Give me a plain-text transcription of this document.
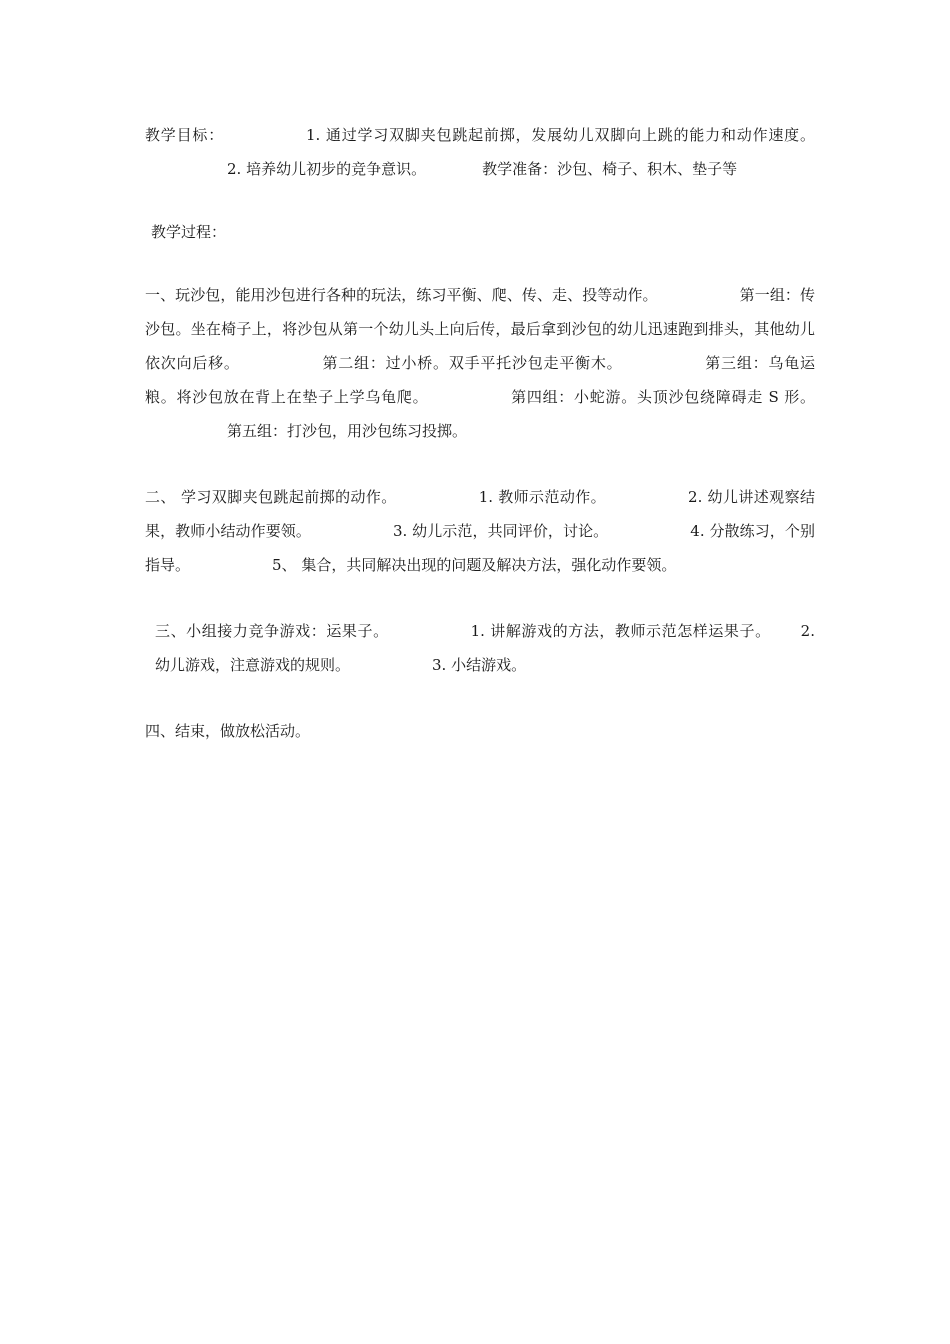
教学目标：	1. 通过学习双脚夹包跳起前掷，发展幼儿双脚向上跳的能力和动作速度。2. 培养幼儿初步的竞争意识。	教学准备：沙包、椅子、积木、垫子等

教学过程：

一、玩沙包，能用沙包进行各种的玩法，练习平衡、爬、传、走、投等动作。	第一组：传沙包。坐在椅子上，将沙包从第一个幼儿头上向后传，最后拿到沙包的幼儿迅速跑到排头，其他幼儿依次向后移。	第二组：过小桥。双手平托沙包走平衡木。	第三组：乌龟运粮。将沙包放在背上在垫子上学乌龟爬。	第四组：小蛇游。头顶沙包绕障碍走 S 形。第五组：打沙包，用沙包练习投掷。

二、 学习双脚夹包跳起前掷的动作。	1. 教师示范动作。	2. 幼儿讲述观察结果，教师小结动作要领。	3. 幼儿示范，共同评价，讨论。	4. 分散练习，个别指导。	5、 集合，共同解决出现的问题及解决方法，强化动作要领。

三、小组接力竞争游戏：运果子。	1. 讲解游戏的方法，教师示范怎样运果子。 2. 幼儿游戏，注意游戏的规则。	3. 小结游戏。

四、结束，做放松活动。
